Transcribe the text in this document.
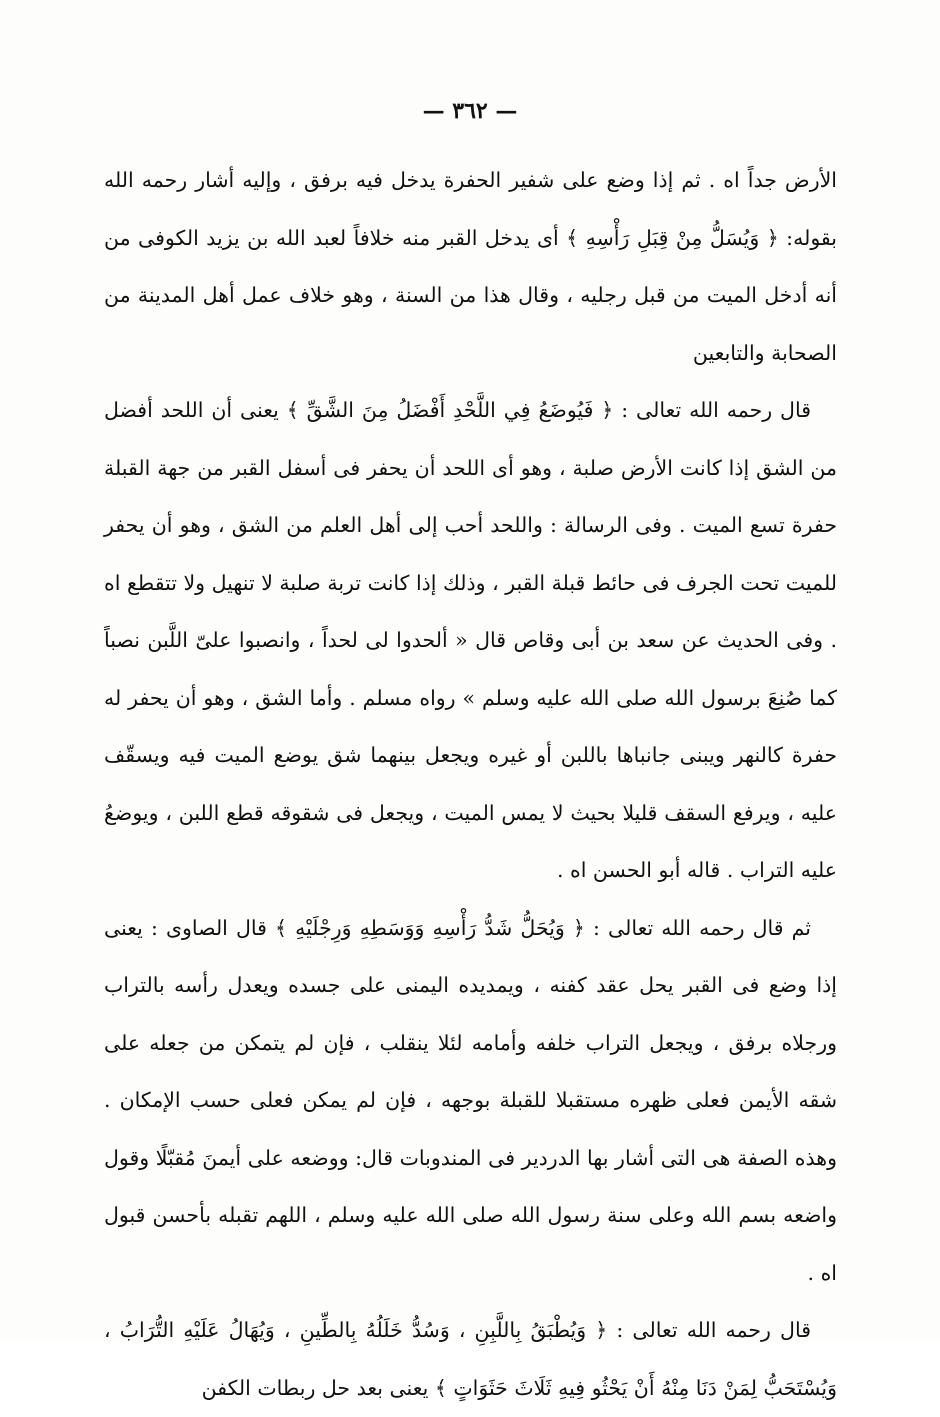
— ٣٦٢ —

الأرض جداً اه . ثم إذا وضع على شفير الحفرة يدخل فيه برفق ، وإليه أشار رحمه الله بقوله: ﴿ وَيُسَلُّ مِنْ قِبَلِ رَأْسِهِ ﴾ أى يدخل القبر منه خلافاً لعبد الله بن يزيد الكوفى من أنه أدخل الميت من قبل رجليه ، وقال هذا من السنة ، وهو خلاف عمل أهل المدينة من الصحابة والتابعين

قال رحمه الله تعالى : ﴿ فَيُوضَعُ فِي اللَّحْدِ أَفْضَلُ مِنَ الشَّقِّ ﴾ يعنى أن اللحد أفضل من الشق إذا كانت الأرض صلبة ، وهو أى اللحد أن يحفر فى أسفل القبر من جهة القبلة حفرة تسع الميت . وفى الرسالة : واللحد أحب إلى أهل العلم من الشق ، وهو أن يحفر للميت تحت الجرف فى حائط قبلة القبر ، وذلك إذا كانت تربة صلبة لا تنهيل ولا تتقطع اه . وفى الحديث عن سعد بن أبى وقاص قال « ألحدوا لى لحداً ، وانصبوا علىّ اللَّبن نصباً كما صُنِعَ برسول الله صلى الله عليه وسلم » رواه مسلم . وأما الشق ، وهو أن يحفر له حفرة كالنهر ويبنى جانباها باللبن أو غيره ويجعل بينهما شق يوضع الميت فيه ويسقّف عليه ، ويرفع السقف قليلا بحيث لا يمس الميت ، ويجعل فى شقوقه قطع اللبن ، ويوضعُ عليه التراب . قاله أبو الحسن اه .

ثم قال رحمه الله تعالى : ﴿ وَيُحَلُّ شَدُّ رَأْسِهِ وَوَسَطِهِ وَرِجْلَيْهِ ﴾ قال الصاوى : يعنى إذا وضع فى القبر يحل عقد كفنه ، ويمديده اليمنى على جسده ويعدل رأسه بالتراب ورجلاه برفق ، ويجعل التراب خلفه وأمامه لئلا ينقلب ، فإن لم يتمكن من جعله على شقه الأيمن فعلى ظهره مستقبلا للقبلة بوجهه ، فإن لم يمكن فعلى حسب الإمكان . وهذه الصفة هى التى أشار بها الدردير فى المندوبات قال: ووضعه على أيمنَ مُقبّلًا وقول واضعه بسم الله وعلى سنة رسول الله صلى الله عليه وسلم ، اللهم تقبله بأحسن قبول اه .

قال رحمه الله تعالى : ﴿ وَيُطْبَقُ بِاللَّبِنِ ، وَسُدُّ خَلَلُهُ بِالطِّينِ ، وَيُهَالُ عَلَيْهِ التُّرَابُ ، وَيُسْتَحَبُّ لِمَنْ دَنَا مِنْهُ أَنْ يَحْثُو فِيهِ ثَلَاثَ حَثَوَاتٍ ﴾ يعنى بعد حل ربطات الكفن
